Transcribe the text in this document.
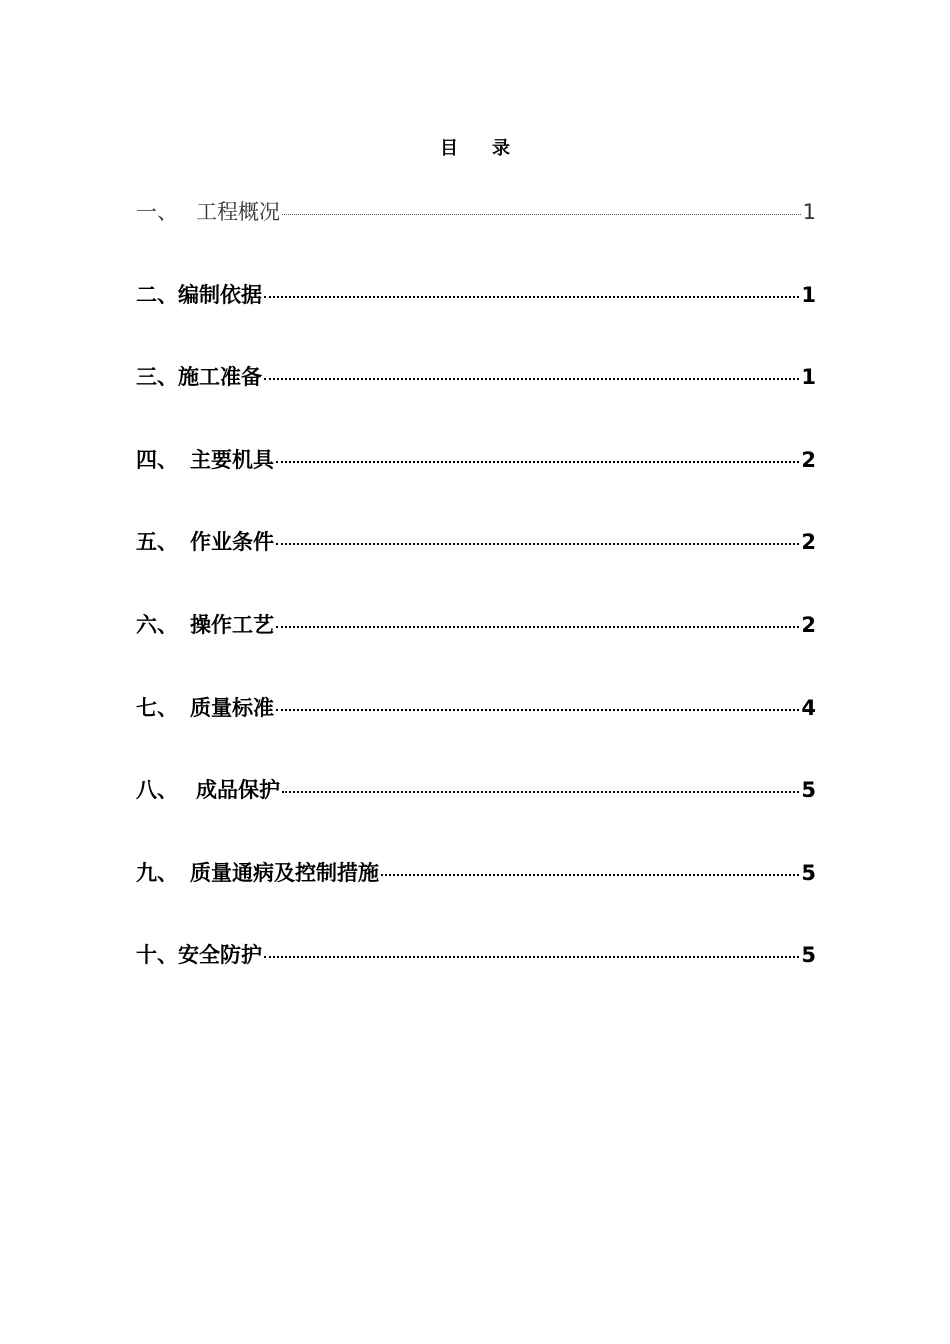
目录
一、 工程概况	1
二、 编制依据	1
三、 施工准备	1
四、 主要机具	2
五、 作业条件	2
六、 操作工艺	2
七、 质量标准	4
八、 成品保护	5
九、 质量通病及控制措施	5
十、 安全防护	5
